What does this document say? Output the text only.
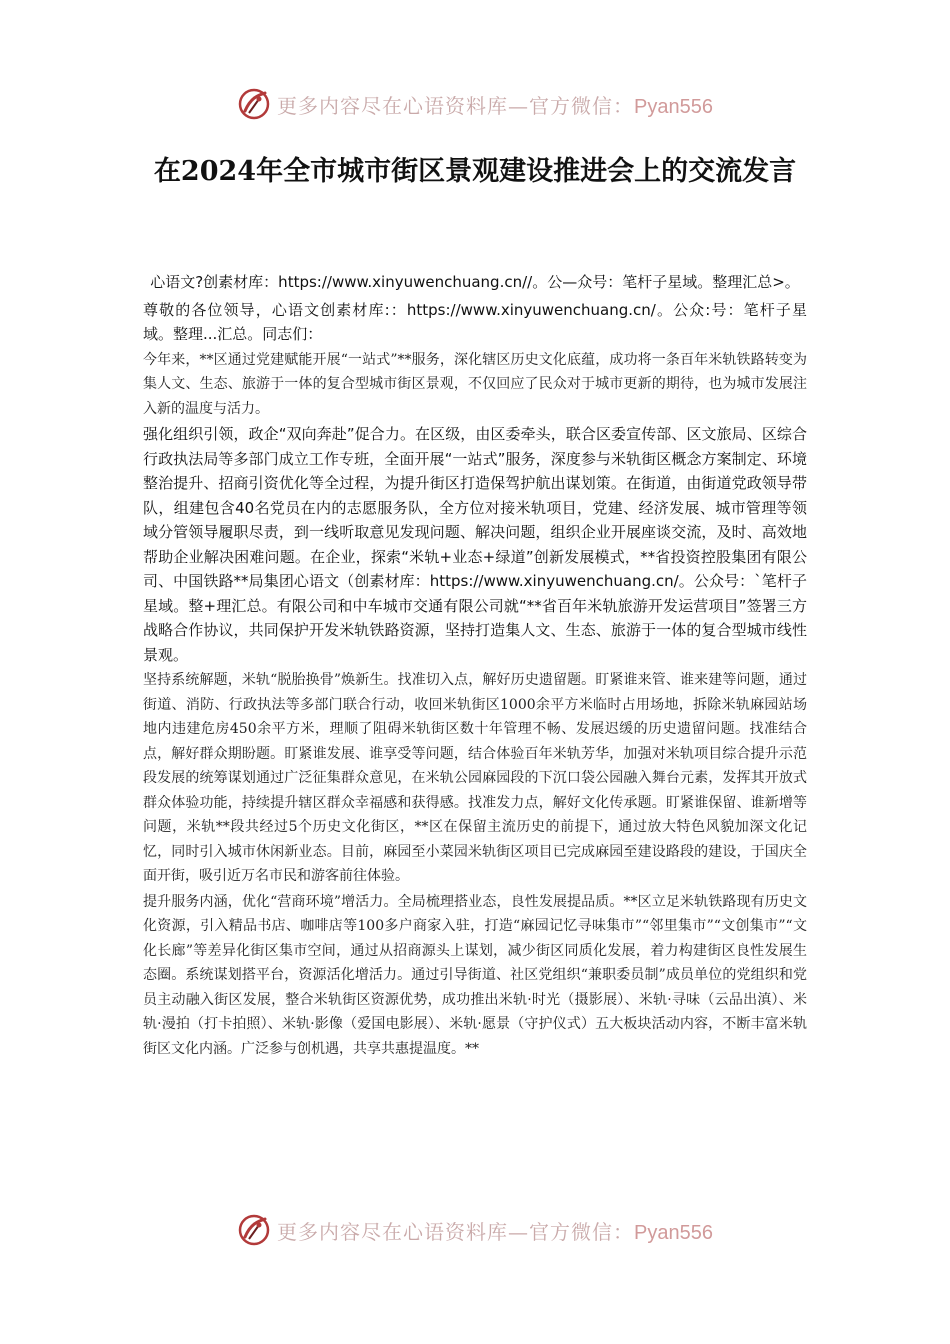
更多内容尽在心语资料库—官方微信：Pyan556
在2024年全市城市街区景观建设推进会上的交流发言

心语文?创素材库：https://www.xinyuwenchuang.cn//。公—众号：笔杆子星域。整理汇总>。

尊敬的各位领导，心语文创素材库:：https://www.xinyuwenchuang.cn/。公众:号：笔杆子星域。整理...汇总。同志们：

今年来，**区通过党建赋能开展“一站式”**服务，深化辖区历史文化底蕴，成功将一条百年米轨铁路转变为集人文、生态、旅游于一体的复合型城市街区景观，不仅回应了民众对于城市更新的期待，也为城市发展注入新的温度与活力。

强化组织引领，政企“双向奔赴”促合力。在区级，由区委牵头，联合区委宣传部、区文旅局、区综合行政执法局等多部门成立工作专班，全面开展“一站式”服务，深度参与米轨街区概念方案制定、环境整治提升、招商引资优化等全过程，为提升街区打造保驾护航出谋划策。在街道，由街道党政领导带队，组建包含40名党员在内的志愿服务队，全方位对接米轨项目，党建、经济发展、城市管理等领域分管领导履职尽责，到一线听取意见发现问题、解决问题，组织企业开展座谈交流，及时、高效地帮助企业解决困难问题。在企业，探索“米轨+业态+绿道”创新发展模式，**省投资控股集团有限公司、中国铁路**局集团心语文（创素材库：https://www.xinyuwenchuang.cn/。公众号：`笔杆子星域。整+理汇总。有限公司和中车城市交通有限公司就“**省百年米轨旅游开发运营项目”签署三方战略合作协议，共同保护开发米轨铁路资源，坚持打造集人文、生态、旅游于一体的复合型城市线性景观。

坚持系统解题，米轨“脱胎换骨”焕新生。找准切入点，解好历史遗留题。盯紧谁来管、谁来建等问题，通过街道、消防、行政执法等多部门联合行动，收回米轨街区1000余平方米临时占用场地，拆除米轨麻园站场地内违建危房450余平方米，理顺了阻碍米轨街区数十年管理不畅、发展迟缓的历史遗留问题。找准结合点，解好群众期盼题。盯紧谁发展、谁享受等问题，结合体验百年米轨芳华，加强对米轨项目综合提升示范段发展的统筹谋划通过广泛征集群众意见，在米轨公园麻园段的下沉口袋公园融入舞台元素，发挥其开放式群众体验功能，持续提升辖区群众幸福感和获得感。找准发力点，解好文化传承题。盯紧谁保留、谁新增等问题，米轨**段共经过5个历史文化街区，**区在保留主流历史的前提下，通过放大特色风貌加深文化记忆，同时引入城市休闲新业态。目前，麻园至小菜园米轨街区项目已完成麻园至建设路段的建设，于国庆全面开街，吸引近万名市民和游客前往体验。

提升服务内涵，优化“营商环境”增活力。全局梳理搭业态，良性发展提品质。**区立足米轨铁路现有历史文化资源，引入精品书店、咖啡店等100多户商家入驻，打造“麻园记忆寻味集市”“邻里集市”“文创集市”“文化长廊”等差异化街区集市空间，通过从招商源头上谋划，减少街区同质化发展，着力构建街区良性发展生态圈。系统谋划搭平台，资源活化增活力。通过引导街道、社区党组织“兼职委员制”成员单位的党组织和党员主动融入街区发展，整合米轨街区资源优势，成功推出米轨·时光（摄影展）、米轨·寻味（云品出滇）、米轨·漫拍（打卡拍照）、米轨·影像（爱国电影展）、米轨·愿景（守护仪式）五大板块活动内容，不断丰富米轨街区文化内涵。广泛参与创机遇，共享共惠提温度。**

更多内容尽在心语资料库—官方微信：Pyan556
